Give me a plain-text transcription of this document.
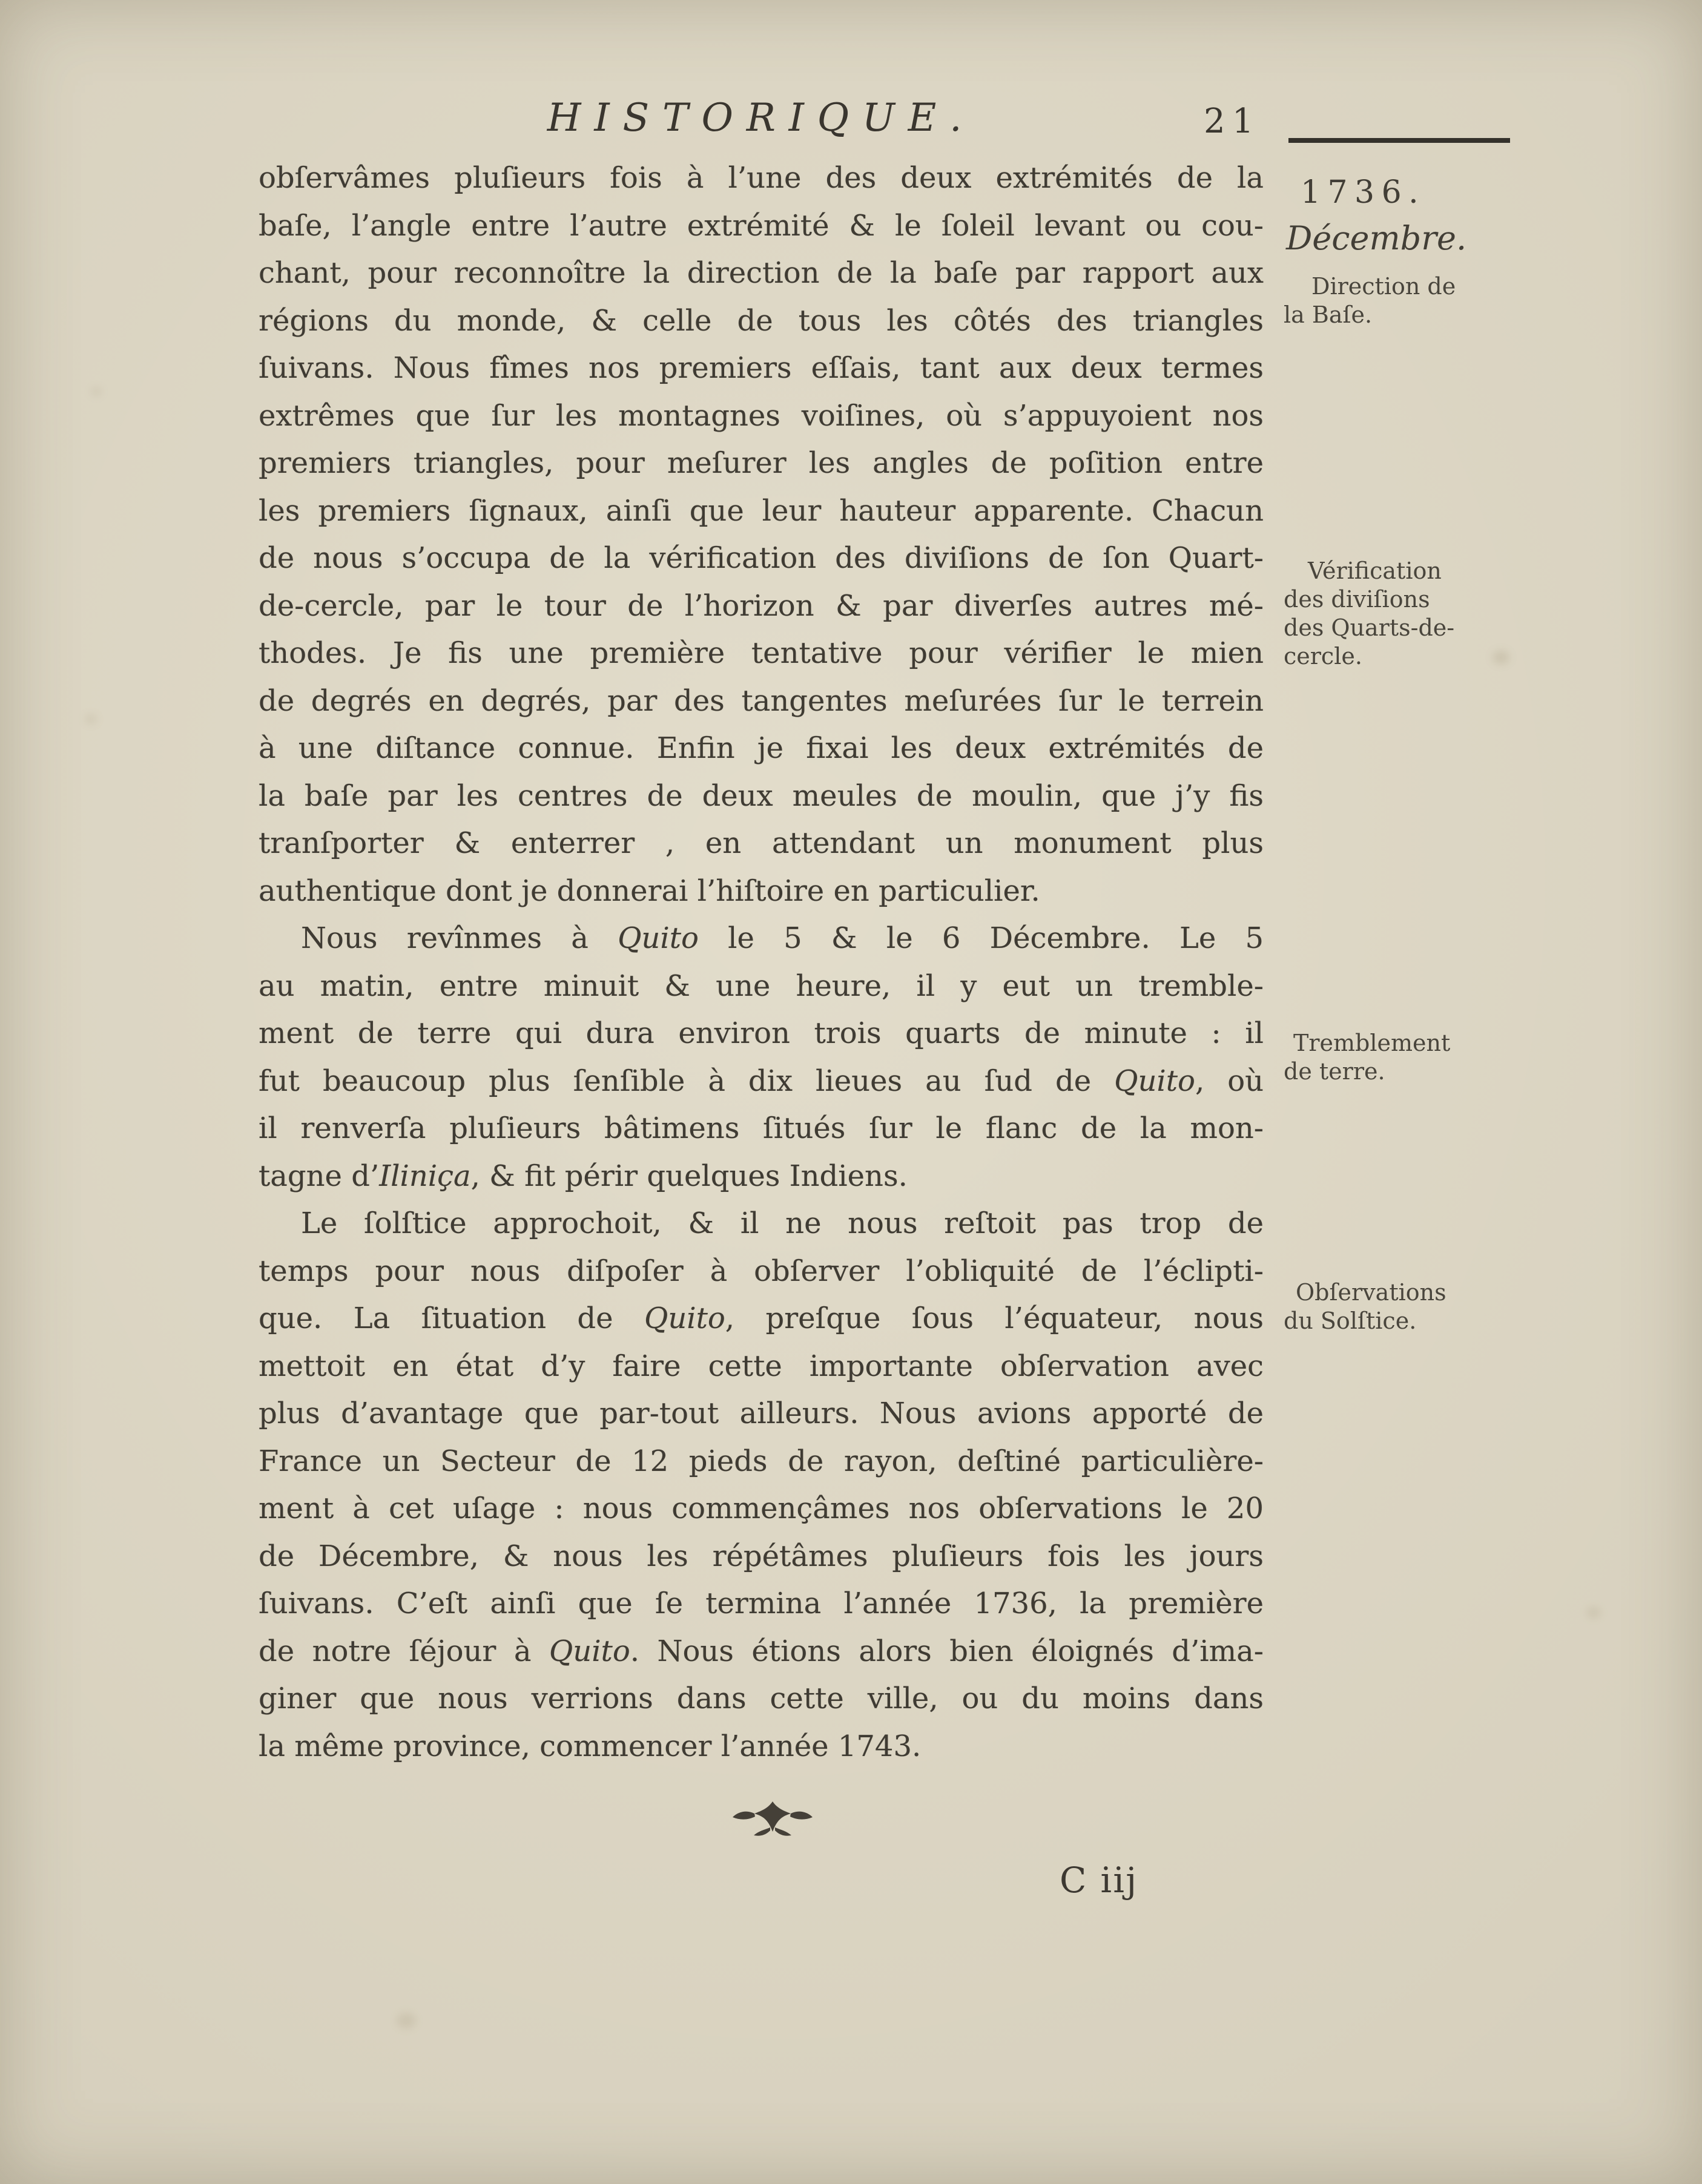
HISTORIQUE.	21
1736.
Décembre.
Direction de
la Baſe.
Vérification
des diviſions
des Quarts-de-
cercle.
Tremblement
de terre.
Obſervations
du Solſtice.
obſervâmes pluſieurs fois à l’une des deux extrémités de la
baſe, l’angle entre l’autre extrémité & le ſoleil levant ou cou-
chant, pour reconnoître la direction de la baſe par rapport aux
régions du monde, & celle de tous les côtés des triangles
ſuivans. Nous fîmes nos premiers eſſais, tant aux deux termes
extrêmes que ſur les montagnes voiſines, où s’appuyoient nos
premiers triangles, pour meſurer les angles de poſition entre
les premiers ſignaux, ainſi que leur hauteur apparente. Chacun
de nous s’occupa de la vérification des diviſions de ſon Quart-
de-cercle, par le tour de l’horizon & par diverſes autres mé-
thodes. Je fis une première tentative pour vérifier le mien
de degrés en degrés, par des tangentes meſurées ſur le terrein
à une diſtance connue. Enfin je fixai les deux extrémités de
la baſe par les centres de deux meules de moulin, que j’y fis
tranſporter & enterrer , en attendant un monument plus
authentique dont je donnerai l’hiſtoire en particulier.
Nous revînmes à Quito le 5 & le 6 Décembre. Le 5
au matin, entre minuit & une heure, il y eut un tremble-
ment de terre qui dura environ trois quarts de minute : il
fut beaucoup plus ſenſible à dix lieues au ſud de Quito, où
il renverſa pluſieurs bâtimens ſitués ſur le flanc de la mon-
tagne d’Iliniça, & fit périr quelques Indiens.
Le ſolſtice approchoit, & il ne nous reſtoit pas trop de
temps pour nous diſpoſer à obſerver l’obliquité de l’éclipti-
que. La ſituation de Quito, preſque ſous l’équateur, nous
mettoit en état d’y faire cette importante obſervation avec
plus d’avantage que par-tout ailleurs. Nous avions apporté de
France un Secteur de 12 pieds de rayon, deſtiné particulière-
ment à cet uſage : nous commençâmes nos obſervations le 20
de Décembre, & nous les répétâmes pluſieurs fois les jours
ſuivans. C’eſt ainſi que ſe termina l’année 1736, la première
de notre ſéjour à Quito. Nous étions alors bien éloignés d’ima-
giner que nous verrions dans cette ville, ou du moins dans
la même province, commencer l’année 1743.
C iij
